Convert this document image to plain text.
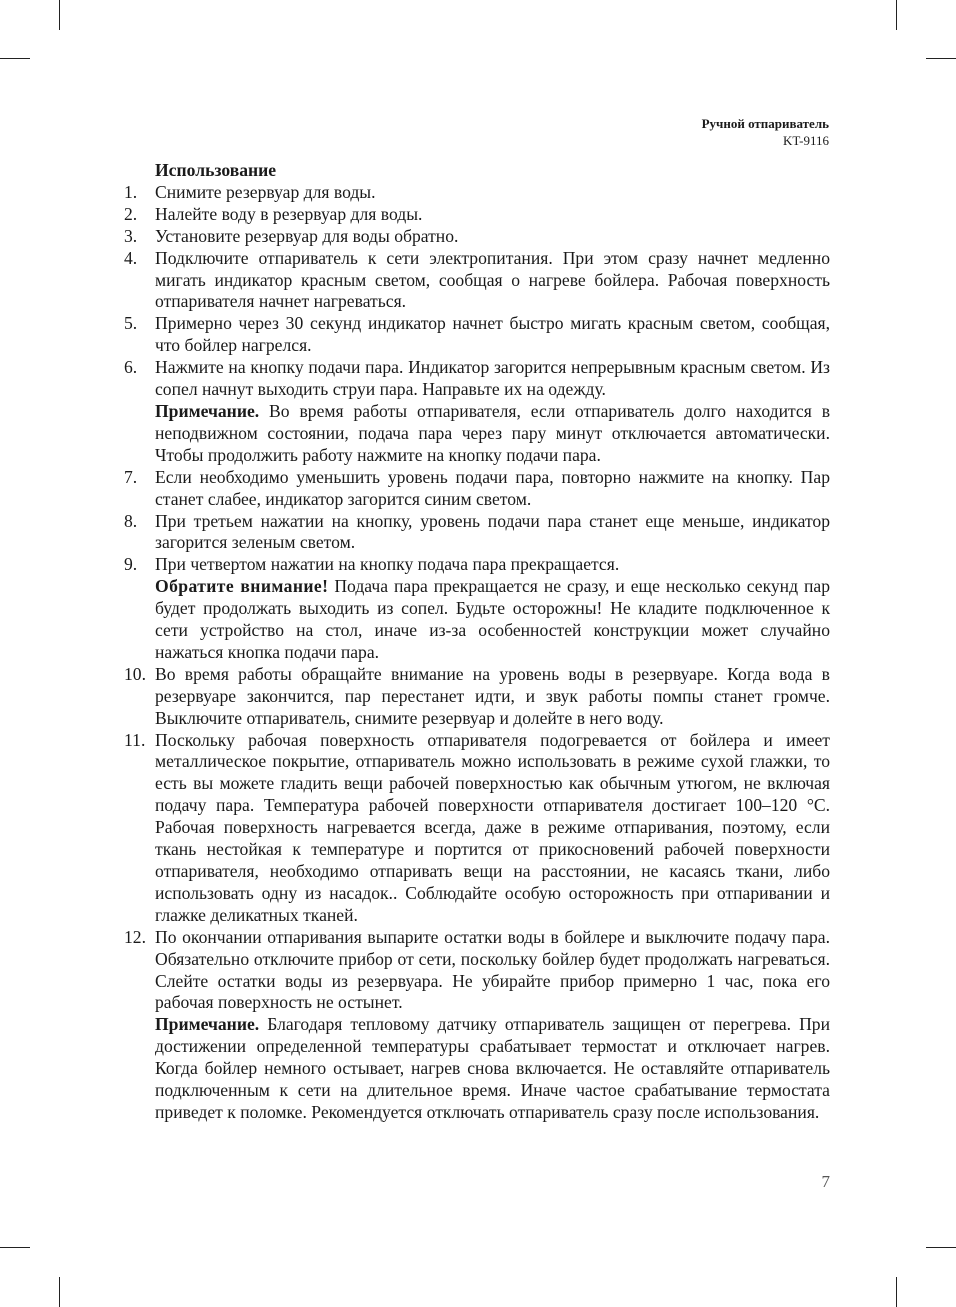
Ручной отпариватель
KT-9116
Использование
1. Снимите резервуар для воды.
2. Налейте воду в резервуар для воды.
3. Установите резервуар для воды обратно.
4. Подключите отпариватель к сети электропитания. При этом сразу начнет медленно мигать индикатор красным светом, сообщая о нагреве бойлера. Рабочая поверхность отпаривателя начнет нагреваться.
5. Примерно через 30 секунд индикатор начнет быстро мигать красным светом, сообщая, что бойлер нагрелся.
6. Нажмите на кнопку подачи пара. Индикатор загорится непрерывным красным светом. Из сопел начнут выходить струи пара. Направьте их на одежду.
Примечание. Во время работы отпаривателя, если отпариватель долго находится в неподвижном состоянии, подача пара через пару минут отключается автоматически. Чтобы продолжить работу нажмите на кнопку подачи пара.
7. Если необходимо уменьшить уровень подачи пара, повторно нажмите на кнопку. Пар станет слабее, индикатор загорится синим светом.
8. При третьем нажатии на кнопку, уровень подачи пара станет еще меньше, индикатор загорится зеленым светом.
9. При четвертом нажатии на кнопку подача пара прекращается.
Обратите внимание! Подача пара прекращается не сразу, и еще несколько секунд пар будет продолжать выходить из сопел. Будьте осторожны! Не кладите подключенное к сети устройство на стол, иначе из-за особенностей конструкции может случайно нажаться кнопка подачи пара.
10. Во время работы обращайте внимание на уровень воды в резервуаре. Когда вода в резервуаре закончится, пар перестанет идти, и звук работы помпы станет громче. Выключите отпариватель, снимите резервуар и долейте в него воду.
11. Поскольку рабочая поверхность отпаривателя подогревается от бойлера и имеет металлическое покрытие, отпариватель можно использовать в режиме сухой глажки, то есть вы можете гладить вещи рабочей поверхностью как обычным утюгом, не включая подачу пара. Температура рабочей поверхности отпаривателя достигает 100–120 °С. Рабочая поверхность нагревается всегда, даже в режиме отпаривания, поэтому, если ткань нестойкая к температуре и портится от прикосновений рабочей поверхности отпаривателя, необходимо отпаривать вещи на расстоянии, не касаясь ткани, либо использовать одну из насадок.. Соблюдайте особую осторожность при отпаривании и глажке деликатных тканей.
12. По окончании отпаривания выпарите остатки воды в бойлере и выключите подачу пара. Обязательно отключите прибор от сети, поскольку бойлер будет продолжать нагреваться. Слейте остатки воды из резервуара. Не убирайте прибор примерно 1 час, пока его рабочая поверхность не остынет.
Примечание. Благодаря тепловому датчику отпариватель защищен от перегрева. При достижении определенной температуры срабатывает термостат и отключает нагрев. Когда бойлер немного остывает, нагрев снова включается. Не оставляйте отпариватель подключенным к сети на длительное время. Иначе частое срабатывание термостата приведет к поломке. Рекомендуется отключать отпариватель сразу после использования.
7
